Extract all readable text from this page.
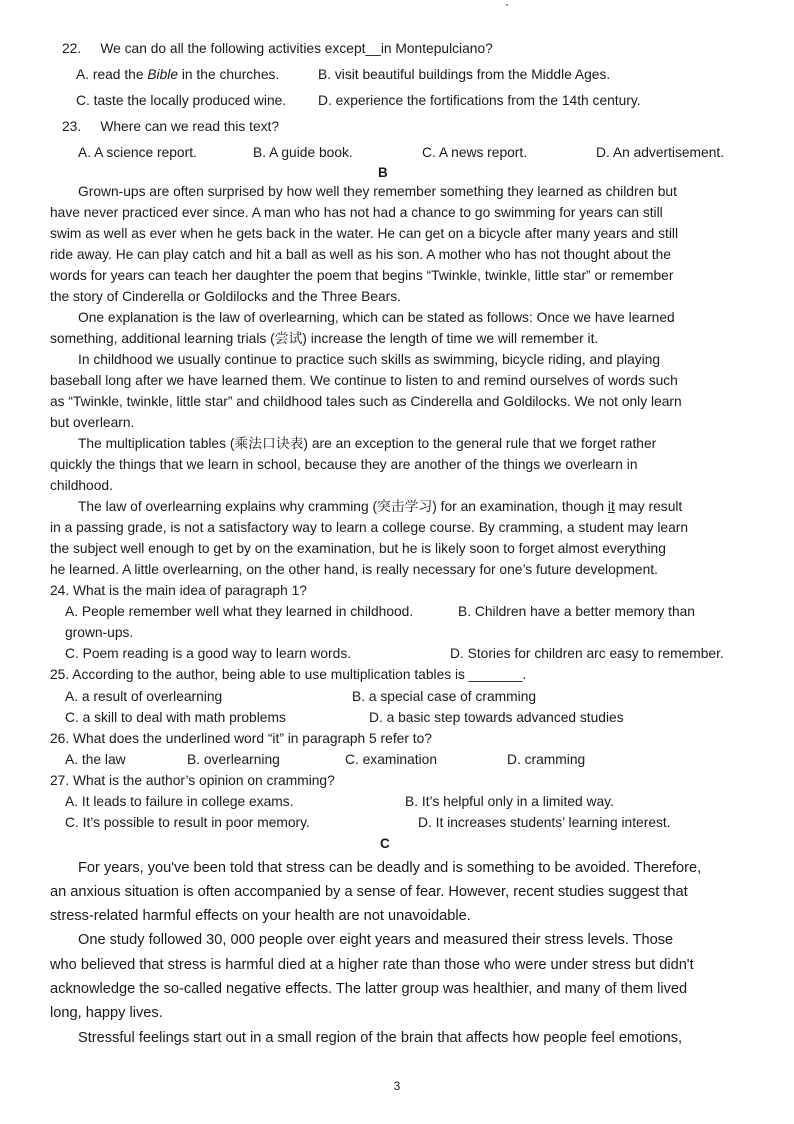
22. We can do all the following activities except__in Montepulciano?
A. read the Bible in the churches.	B. visit beautiful buildings from the Middle Ages.
C. taste the locally produced wine. D. experience the fortifications from the 14th century.
23. Where can we read this text?
A. A science report.	B. A guide book.	C. A news report.	D. An advertisement.
B
Grown-ups are often surprised by how well they remember something they learned as children but
have never practiced ever since. A man who has not had a chance to go swimming for years can still
swim as well as ever when he gets back in the water. He can get on a bicycle after many years and still
ride away. He can play catch and hit a ball as well as his son. A mother who has not thought about the
words for years can teach her daughter the poem that begins “Twinkle, twinkle, little star” or remember
the story of Cinderella or Goldilocks and the Three Bears.
One explanation is the law of overlearning, which can be stated as follows: Once we have learned
something, additional learning trials (尝试) increase the length of time we will remember it.
In childhood we usually continue to practice such skills as swimming, bicycle riding, and playing
baseball long after we have learned them. We continue to listen to and remind ourselves of words such
as “Twinkle, twinkle, little star” and childhood tales such as Cinderella and Goldilocks. We not only learn
but overlearn.
The multiplication tables (乘法口诀表) are an exception to the general rule that we forget rather
quickly the things that we learn in school, because they are another of the things we overlearn in
childhood.
The law of overlearning explains why cramming (突击学习) for an examination, though it may result
in a passing grade, is not a satisfactory way to learn a college course. By cramming, a student may learn
the subject well enough to get by on the examination, but he is likely soon to forget almost everything
he learned. A little overlearning, on the other hand, is really necessary for one’s future development.
24. What is the main idea of paragraph 1?
A. People remember well what they learned in childhood.	B. Children have a better memory than
grown-ups.
C. Poem reading is a good way to learn words.	D. Stories for children arc easy to remember.
25. According to the author, being able to use multiplication tables is _______.
A. a result of overlearning	B. a special case of cramming
C. a skill to deal with math problems	D. a basic step towards advanced studies
26. What does the underlined word “it” in paragraph 5 refer to?
A. the law	B. overlearning	C. examination	D. cramming
27. What is the author’s opinion on cramming?
A. It leads to failure in college exams.	B. It’s helpful only in a limited way.
C. It’s possible to result in poor memory.	D. It increases students’ learning interest.
C
For years, you've been told that stress can be deadly and is something to be avoided. Therefore,
an anxious situation is often accompanied by a sense of fear. However, recent studies suggest that
stress-related harmful effects on your health are not unavoidable.
One study followed 30, 000 people over eight years and measured their stress levels. Those
who believed that stress is harmful died at a higher rate than those who were under stress but didn't
acknowledge the so-called negative effects. The latter group was healthier, and many of them lived
long, happy lives.
Stressful feelings start out in a small region of the brain that affects how people feel emotions,
3
